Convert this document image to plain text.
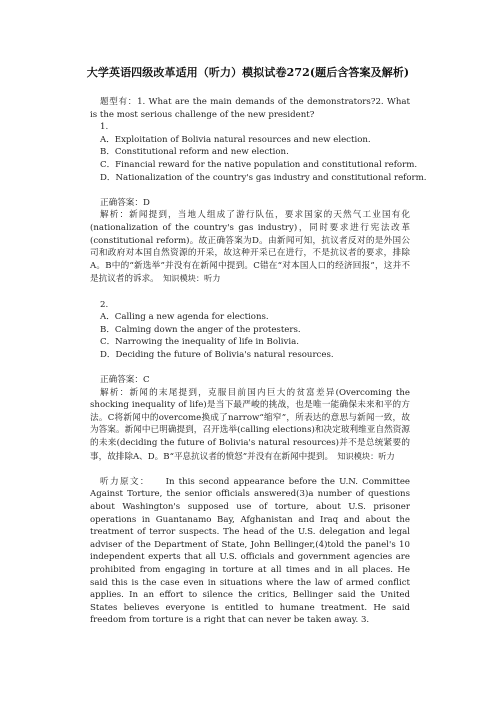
大学英语四级改革适用（听力）模拟试卷272(题后含答案及解析)

题型有：1. What are the main demands of the demonstrators?2. What is the most serious challenge of the new president?

1.

A．Exploitation of Bolivia natural resources and new election.

B．Constitutional reform and new election.

C．Financial reward for the native population and constitutional reform.

D．Nationalization of the country's gas industry and constitutional reform.

正确答案：D

解析：新闻提到，当地人组成了游行队伍，要求国家的天然气工业国有化(nationalization of the country's gas industry)，同时要求进行宪法改革(constitutional reform)。故正确答案为D。由新闻可知，抗议者反对的是外国公司和政府对本国自然资源的开采，故这种开采已在进行，不是抗议者的要求，排除A。B中的“新选举”并没有在新闻中提到。C错在“对本国人口的经济回报”，这并不是抗议者的诉求。　 知识模块：听力

2.

A．Calling a new agenda for elections.

B．Calming down the anger of the protesters.

C．Narrowing the inequality of life in Bolivia.

D．Deciding the future of Bolivia's natural resources.

正确答案：C

解析：新闻的末尾提到，克服目前国内巨大的贫富差异(Overcoming the shocking inequality of life)是当下最严峻的挑战，也是唯一能确保未来和平的方法。C将新闻中的overcome换成了narrow“缩窄”，所表达的意思与新闻一致，故为答案。新闻中已明确提到，召开选举(calling elections)和决定玻利维亚自然资源的未来(deciding the future of Bolivia's natural resources)并不是总统紧要的事，故排除A、D。B“平息抗议者的愤怒”并没有在新闻中提到。　 知识模块：听力

听力原文：　　 In this second appearance before the U.N. Committee Against Torture, the senior officials answered(3)a number of questions about Washington's supposed use of torture, about U.S. prisoner operations in Guantanamo Bay, Afghanistan and Iraq and about the treatment of terror suspects. The head of the U.S. delegation and legal adviser of the Department of State, John Bellinger,(4)told the panel's 10 independent experts that all U.S. officials and government agencies are prohibited from engaging in torture at all times and in all places. He said this is the case even in situations where the law of armed conflict applies. In an effort to silence the critics, Bellinger said the United States believes everyone is entitled to humane treatment. He said freedom from torture is a right that can never be taken away. 3.
